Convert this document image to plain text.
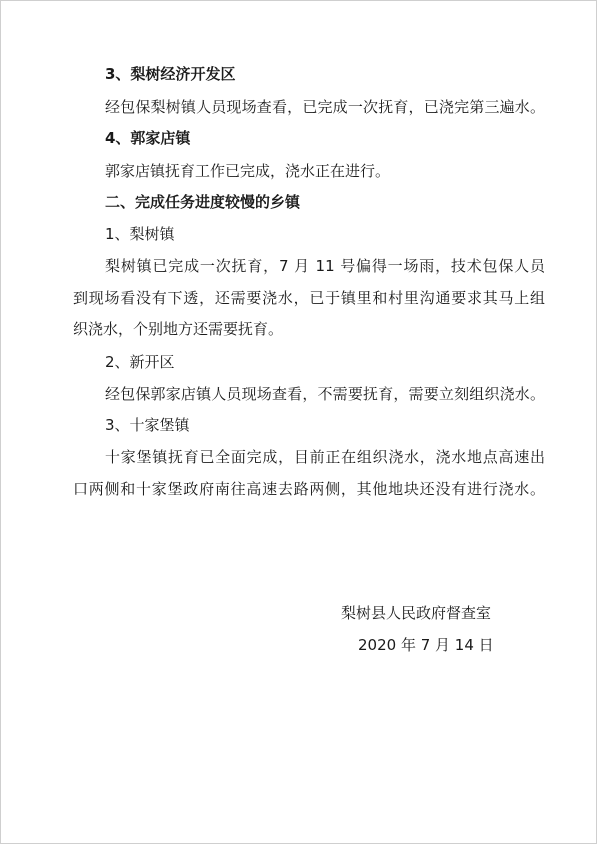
3、梨树经济开发区
经包保梨树镇人员现场查看，已完成一次抚育，已浇完第三遍水。
4、郭家店镇
郭家店镇抚育工作已完成，浇水正在进行。
二、完成任务进度较慢的乡镇
1、梨树镇
梨树镇已完成一次抚育，7 月 11 号偏得一场雨，技术包保人员
到现场看没有下透，还需要浇水，已于镇里和村里沟通要求其马上组
织浇水，个别地方还需要抚育。
2、新开区
经包保郭家店镇人员现场查看，不需要抚育，需要立刻组织浇水。
3、十家堡镇
十家堡镇抚育已全面完成，目前正在组织浇水，浇水地点高速出
口两侧和十家堡政府南往高速去路两侧，其他地块还没有进行浇水。
梨树县人民政府督查室
2020 年 7 月 14 日
